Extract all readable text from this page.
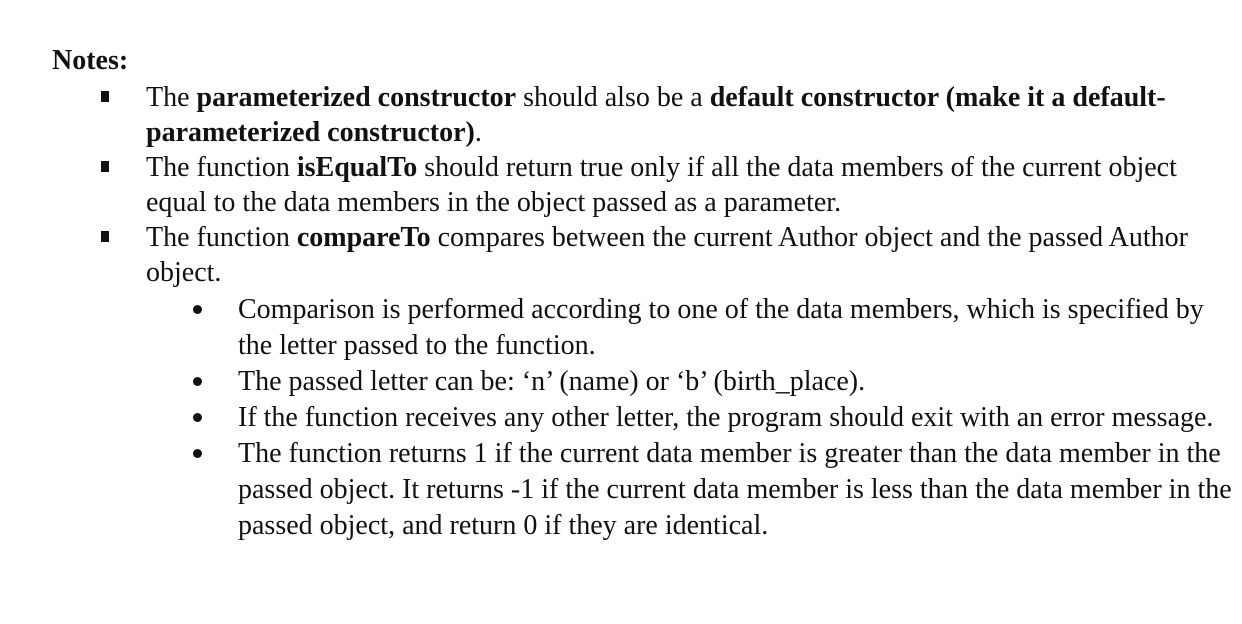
Notes:
The parameterized constructor should also be a default constructor (make it a default-parameterized constructor).
The function isEqualTo should return true only if all the data members of the current object equal to the data members in the object passed as a parameter.
The function compareTo compares between the current Author object and the passed Author object.
Comparison is performed according to one of the data members, which is specified by the letter passed to the function.
The passed letter can be: ‘n’ (name) or ‘b’ (birth_place).
If the function receives any other letter, the program should exit with an error message.
The function returns 1 if the current data member is greater than the data member in the passed object. It returns -1 if the current data member is less than the data member in the passed object, and return 0 if they are identical.
